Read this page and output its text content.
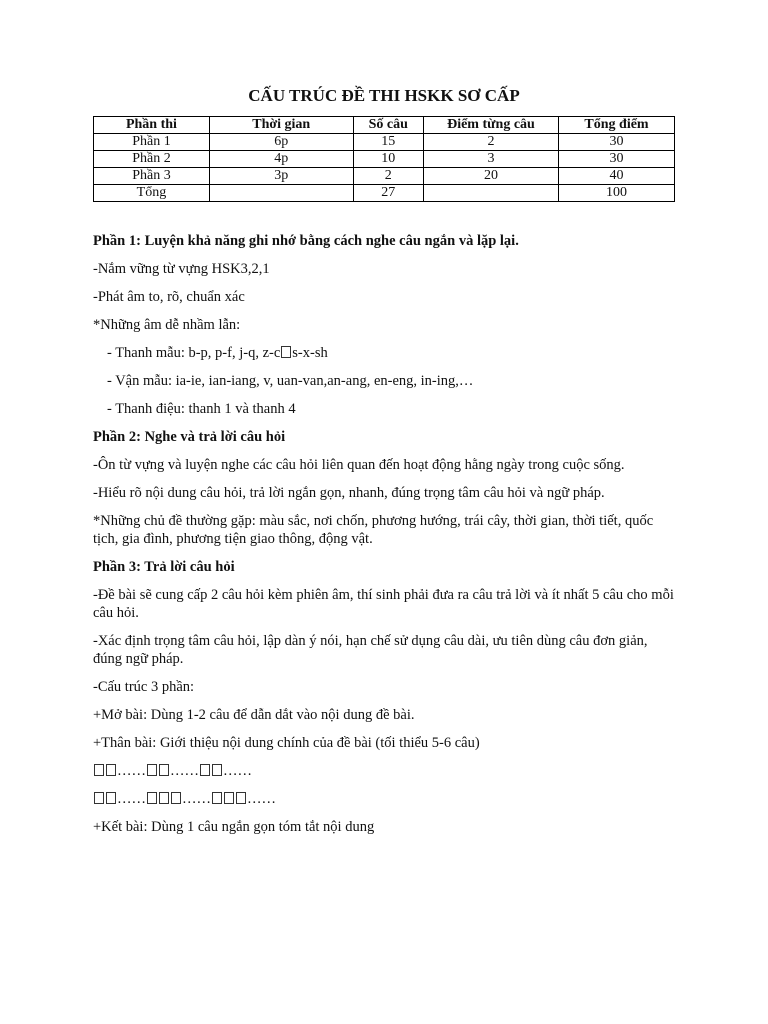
CẤU TRÚC ĐỀ THI HSKK SƠ CẤP
Phần thi	Thời gian	Số câu	Điểm từng câu	Tổng điểm
Phần 1	6p	15	2	30
Phần 2	4p	10	3	30
Phần 3	3p	2	20	40
Tổng		27		100

Phần 1: Luyện khả năng ghi nhớ bằng cách nghe câu ngắn và lặp lại.

-Nắm vững từ vựng HSK3,2,1

-Phát âm to, rõ, chuẩn xác

*Những âm dễ nhầm lẫn:

- Thanh mẫu: b-p, p-f, j-q, z-c s-x-sh

- Vận mẫu: ia-ie, ian-iang, v, uan-van,an-ang, en-eng, in-ing,…

- Thanh điệu: thanh 1 và thanh 4

Phần 2: Nghe và trả lời câu hỏi

-Ôn từ vựng và luyện nghe các câu hỏi liên quan đến hoạt động hằng ngày trong cuộc sống.

-Hiểu rõ nội dung câu hỏi, trả lời ngắn gọn, nhanh, đúng trọng tâm câu hỏi và ngữ pháp.

*Những chủ đề thường gặp: màu sắc, nơi chốn, phương hướng, trái cây, thời gian, thời tiết, quốc tịch, gia đình, phương tiện giao thông, động vật.

Phần 3: Trả lời câu hỏi

-Đề bài sẽ cung cấp 2 câu hỏi kèm phiên âm, thí sinh phải đưa ra câu trả lời và ít nhất 5 câu cho mỗi câu hỏi.

-Xác định trọng tâm câu hỏi, lập dàn ý nói, hạn chế sử dụng câu dài, ưu tiên dùng câu đơn giản, đúng ngữ pháp.

-Cấu trúc 3 phần:

+Mở bài: Dùng 1-2 câu để dẫn dắt vào nội dung đề bài.

+Thân bài: Giới thiệu nội dung chính của đề bài (tối thiểu 5-6 câu)

…… …… ……

…… …… ……

+Kết bài: Dùng 1 câu ngắn gọn tóm tắt nội dung
